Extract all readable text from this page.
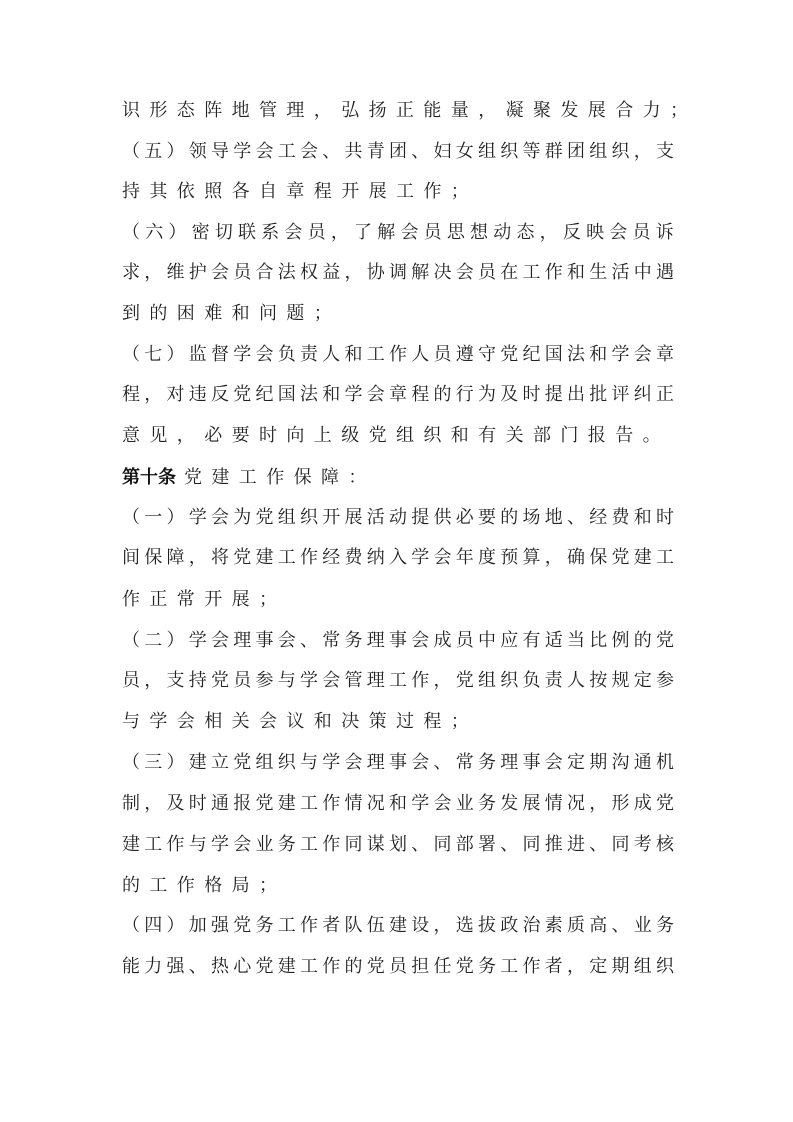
识形态阵地管理，弘扬正能量，凝聚发展合力；
（ 五 ） 领 导 学 会 工 会 、 共 青 团 、 妇 女 组 织 等 群 团 组 织 ， 支
持其依照各自章程开展工作；
（ 六 ） 密 切 联 系 会 员 ， 了 解 会 员 思 想 动 态 ， 反 映 会 员 诉
求 ， 维 护 会 员 合 法 权 益 ， 协 调 解 决 会 员 在 工 作 和 生 活 中 遇
到的困难和问题；
（ 七 ） 监 督 学 会 负 责 人 和 工 作 人 员 遵 守 党 纪 国 法 和 学 会 章
程 ， 对 违 反 党 纪 国 法 和 学 会 章 程 的 行 为 及 时 提 出 批 评 纠 正
意见，必要时向上级党组织和有关部门报告。
第十条 党建工作保障：
（ 一 ） 学 会 为 党 组 织 开 展 活 动 提 供 必 要 的 场 地 、 经 费 和 时
间 保 障 ， 将 党 建 工 作 经 费 纳 入 学 会 年 度 预 算 ， 确 保 党 建 工
作正常开展；
（ 二 ） 学 会 理 事 会 、 常 务 理 事 会 成 员 中 应 有 适 当 比 例 的 党
员 ， 支 持 党 员 参 与 学 会 管 理 工 作 ， 党 组 织 负 责 人 按 规 定 参
与学会相关会议和决策过程；
（ 三 ） 建 立 党 组 织 与 学 会 理 事 会 、 常 务 理 事 会 定 期 沟 通 机
制 ， 及 时 通 报 党 建 工 作 情 况 和 学 会 业 务 发 展 情 况 ， 形 成 党
建 工 作 与 学 会 业 务 工 作 同 谋 划 、 同 部 署 、 同 推 进 、 同 考 核
的工作格局；
（ 四 ） 加 强 党 务 工 作 者 队 伍 建 设 ， 选 拔 政 治 素 质 高 、 业 务
能 力 强 、 热 心 党 建 工 作 的 党 员 担 任 党 务 工 作 者 ， 定 期 组 织
